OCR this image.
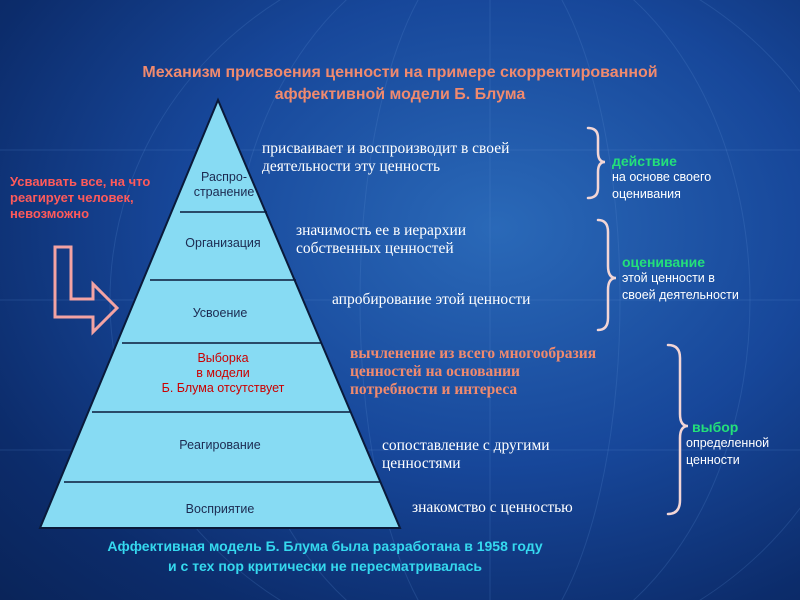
Механизм присвоения ценности на примере скорректированной
аффективной модели Б. Блума
Усваивать все, на что
реагирует человек,
невозможно
Распро-
странение
Организация
Усвоение
Выборка
в модели
Б. Блума отсутствует
Реагирование
Восприятие
присваивает и воспроизводит в своей
деятельности эту ценность
значимость ее в иерархии
собственных ценностей
апробирование этой ценности
вычленение из всего многообразия
ценностей на основании
потребности и интереса
сопоставление с другими
ценностями
знакомство с ценностью
действие
на основе своего
оценивания
оценивание
этой ценности в
своей деятельности
выбор
определенной
ценности
Аффективная модель Б. Блума была разработана в 1958 году
и с тех пор критически не пересматривалась
